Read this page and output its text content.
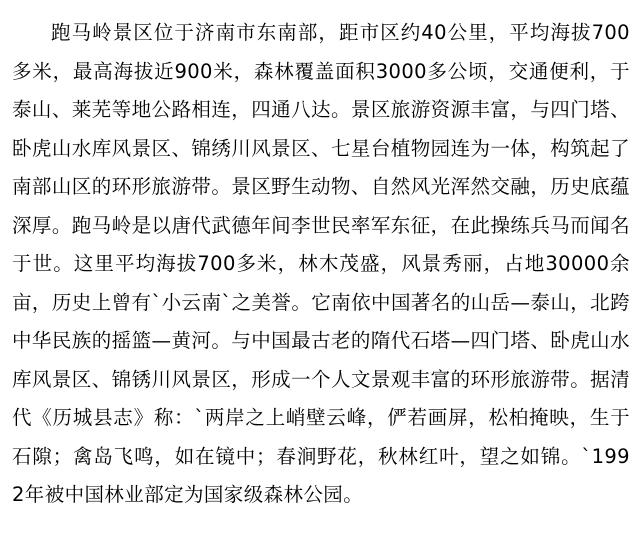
跑马岭景区位于济南市东南部，距市区约40公里，平均海拔700多米，最高海拔近900米，森林覆盖面积3000多公顷，交通便利，于泰山、莱芜等地公路相连，四通八达。景区旅游资源丰富，与四门塔、卧虎山水库风景区、锦绣川风景区、七星台植物园连为一体，构筑起了南部山区的环形旅游带。景区野生动物、自然风光浑然交融，历史底蕴深厚。跑马岭是以唐代武德年间李世民率军东征，在此操练兵马而闻名于世。这里平均海拔700多米，林木茂盛，风景秀丽，占地30000余亩，历史上曾有`小云南`之美誉。它南依中国著名的山岳—泰山，北跨中华民族的摇篮—黄河。与中国最古老的隋代石塔—四门塔、卧虎山水库风景区、锦锈川风景区，形成一个人文景观丰富的环形旅游带。据清代《历城县志》称：`两岸之上峭壁云峰，俨若画屏，松柏掩映，生于石隙；禽岛飞鸣，如在镜中；春涧野花，秋林红叶，望之如锦。`1992年被中国林业部定为国家级森林公园。
